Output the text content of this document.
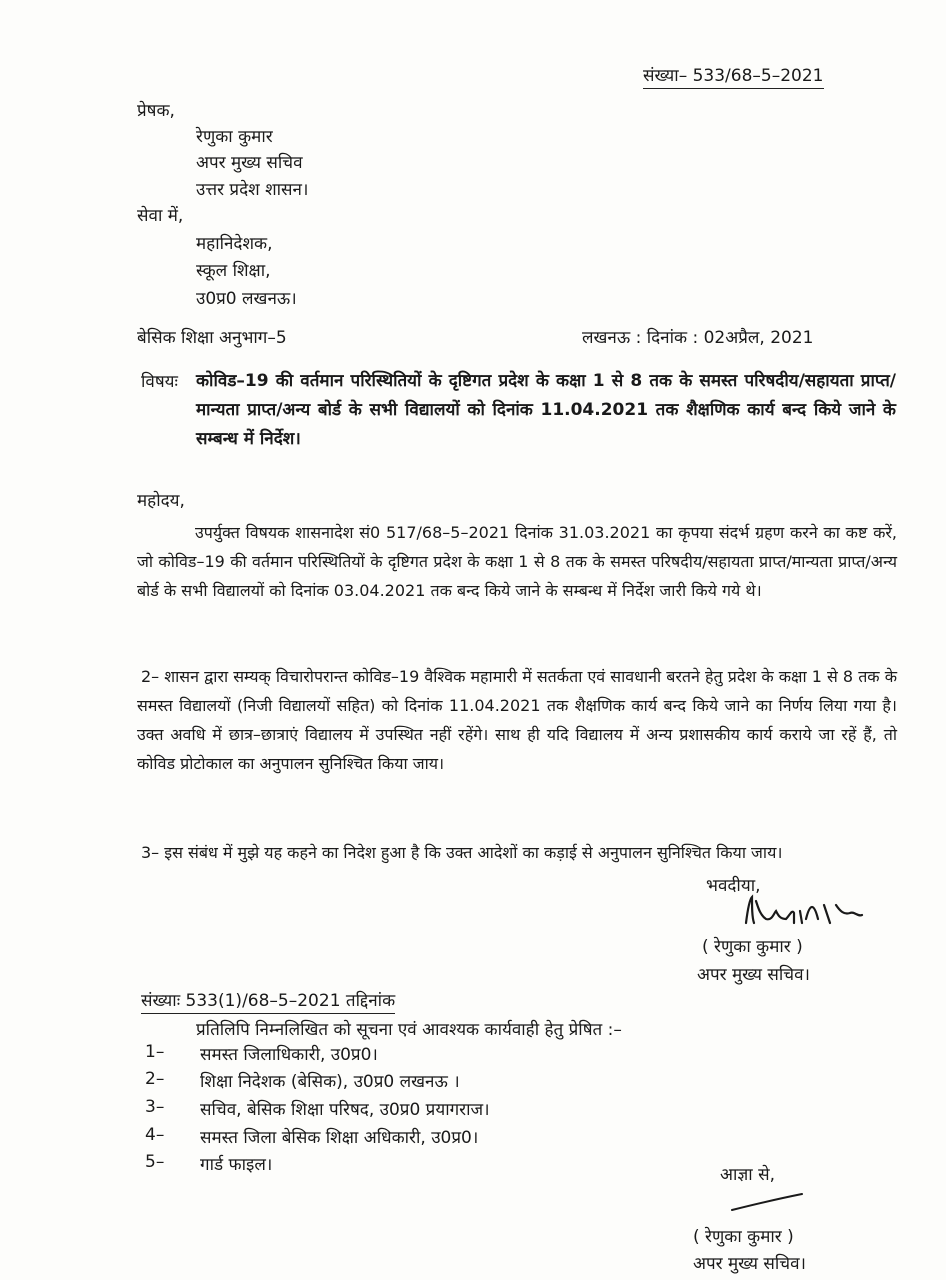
संख्या– 533/68–5–2021
प्रेषक,
रेणुका कुमार
अपर मुख्य सचिव
उत्तर प्रदेश शासन।
सेवा में,
महानिदेशक,
स्कूल शिक्षा,
उ0प्र0 लखनऊ।
बेसिक शिक्षा अनुभाग–5	लखनऊ : दिनांक : 02अप्रैल, 2021
विषयः कोविड–19 की वर्तमान परिस्थितियों के दृष्टिगत प्रदेश के कक्षा 1 से 8 तक के समस्त परिषदीय/सहायता प्राप्त/मान्यता प्राप्त/अन्य बोर्ड के सभी विद्यालयों को दिनांक 11.04.2021 तक शैक्षणिक कार्य बन्द किये जाने के सम्बन्ध में निर्देश।
महोदय,
उपर्युक्त विषयक शासनादेश सं0 517/68–5–2021 दिनांक 31.03.2021 का कृपया संदर्भ ग्रहण करने का कष्ट करें, जो कोविड–19 की वर्तमान परिस्थितियों के दृष्टिगत प्रदेश के कक्षा 1 से 8 तक के समस्त परिषदीय/सहायता प्राप्त/मान्यता प्राप्त/अन्य बोर्ड के सभी विद्यालयों को दिनांक 03.04.2021 तक बन्द किये जाने के सम्बन्ध में निर्देश जारी किये गये थे।
2– शासन द्वारा सम्यक् विचारोपरान्त कोविड–19 वैश्विक महामारी में सतर्कता एवं सावधानी बरतने हेतु प्रदेश के कक्षा 1 से 8 तक के समस्त विद्यालयों (निजी विद्यालयों सहित) को दिनांक 11.04.2021 तक शैक्षणिक कार्य बन्द किये जाने का निर्णय लिया गया है। उक्त अवधि में छात्र–छात्राएं विद्यालय में उपस्थित नहीं रहेंगे। साथ ही यदि विद्यालय में अन्य प्रशासकीय कार्य कराये जा रहें हैं, तो कोविड प्रोटोकाल का अनुपालन सुनिश्चित किया जाय।
3– इस संबंध में मुझे यह कहने का निदेश हुआ है कि उक्त आदेशों का कड़ाई से अनुपालन सुनिश्चित किया जाय।
भवदीया,
( रेणुका कुमार )
अपर मुख्य सचिव।
संख्याः 533(1)/68–5–2021 तद्दिनांक
प्रतिलिपि निम्नलिखित को सूचना एवं आवश्यक कार्यवाही हेतु प्रेषित :–
1– समस्त जिलाधिकारी, उ0प्र0।
2– शिक्षा निदेशक (बेसिक), उ0प्र0 लखनऊ ।
3– सचिव, बेसिक शिक्षा परिषद, उ0प्र0 प्रयागराज।
4– समस्त जिला बेसिक शिक्षा अधिकारी, उ0प्र0।
5– गार्ड फाइल।	आज्ञा से,
( रेणुका कुमार )
अपर मुख्य सचिव।
